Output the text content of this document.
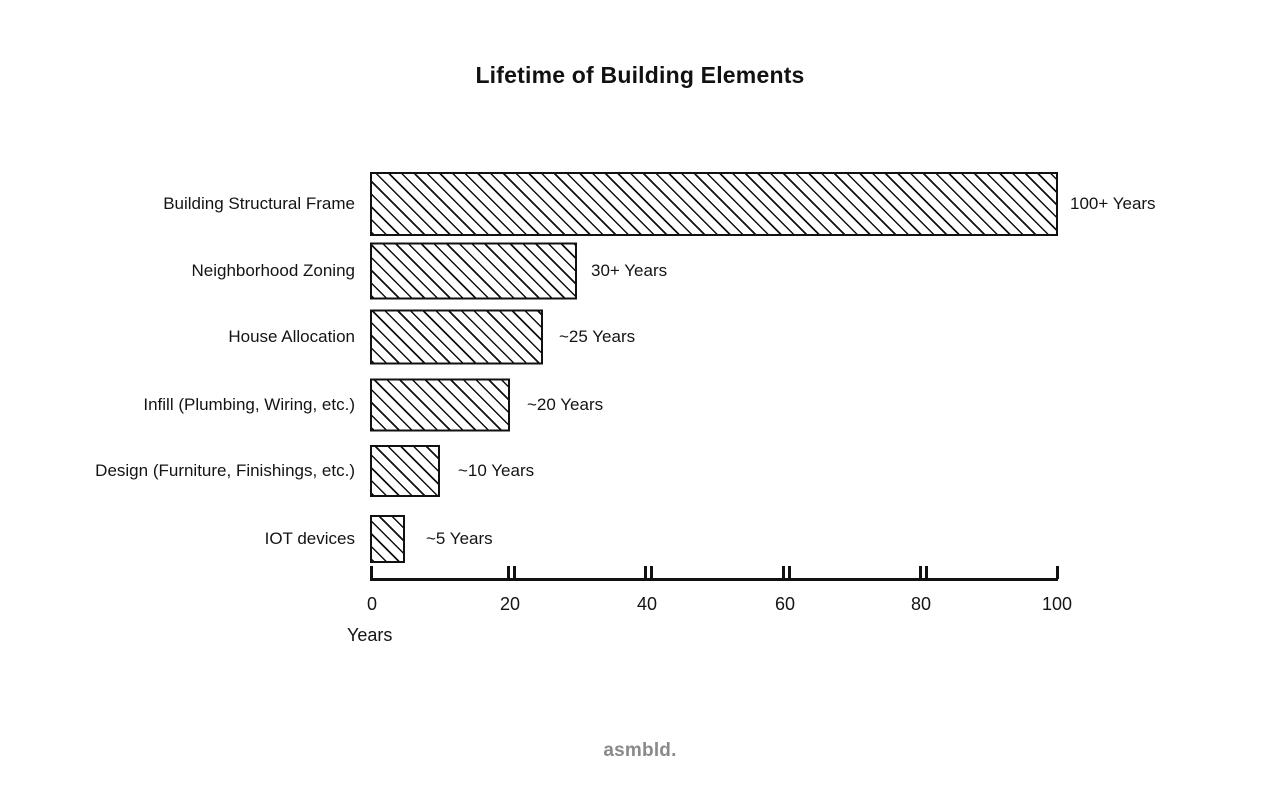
Lifetime of Building Elements
Building Structural Frame	100+ Years
Neighborhood Zoning	30+ Years
House Allocation	~25 Years
Infill (Plumbing, Wiring, etc.)	~20 Years
Design (Furniture, Finishings, etc.)	~10 Years
IOT devices	~5 Years
0	20	40	60	80	100
Years
asmbld.
